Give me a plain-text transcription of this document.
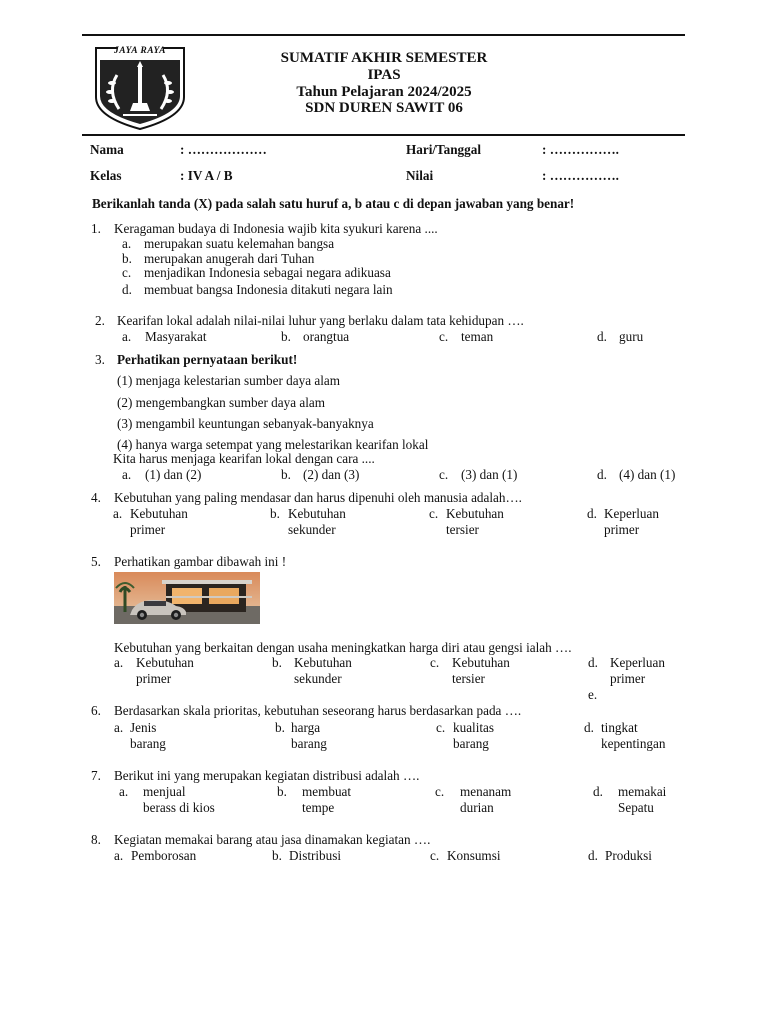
JAYA RAYA	SUMATIF AKHIR SEMESTER
IPAS
Tahun Pelajaran 2024/2025
SDN DUREN SAWIT 06
Nama	: ………………	Hari/Tanggal	: …………….
Kelas	: IV A / B	Nilai	: …………….
Berikanlah tanda (X) pada salah satu huruf a, b atau c di depan jawaban yang benar!
1. Keragaman budaya di Indonesia wajib kita syukuri karena ....
a. merupakan suatu kelemahan bangsa
b. merupakan anugerah dari Tuhan
c. menjadikan Indonesia sebagai negara adikuasa
d. membuat bangsa Indonesia ditakuti negara lain
2. Kearifan lokal adalah nilai-nilai luhur yang berlaku dalam tata kehidupan ….
a. Masyarakat	b. orangtua	c. teman	d. guru
3. Perhatikan pernyataan berikut!
(1) menjaga kelestarian sumber daya alam
(2) mengembangkan sumber daya alam
(3) mengambil keuntungan sebanyak-banyaknya
(4) hanya warga setempat yang melestarikan kearifan lokal
Kita harus menjaga kearifan lokal dengan cara ....
a. (1) dan (2)	b. (2) dan (3)	c. (3) dan (1)	d. (4) dan (1)
4. Kebutuhan yang paling mendasar dan harus dipenuhi oleh manusia adalah….
a. Kebutuhan
primer
b. Kebutuhan
sekunder
c. Kebutuhan
tersier
d. Keperluan
primer
5. Perhatikan gambar dibawah ini !
Kebutuhan yang berkaitan dengan usaha meningkatkan harga diri atau gengsi ialah ….
a. Kebutuhan
primer
b. Kebutuhan
sekunder
c. Kebutuhan
tersier
d. Keperluan
primer
e.
6. Berdasarkan skala prioritas, kebutuhan seseorang harus berdasarkan pada ….
a. Jenis
barang
b. harga
barang
c. kualitas
barang
d. tingkat
kepentingan
7. Berikut ini yang merupakan kegiatan distribusi adalah ….
a. menjual
berass di kios
b. membuat
tempe
c. menanam
durian
d. memakai
Sepatu
8. Kegiatan memakai barang atau jasa dinamakan kegiatan ….
a. Pemborosan	b. Distribusi	c. Konsumsi	d. Produksi
